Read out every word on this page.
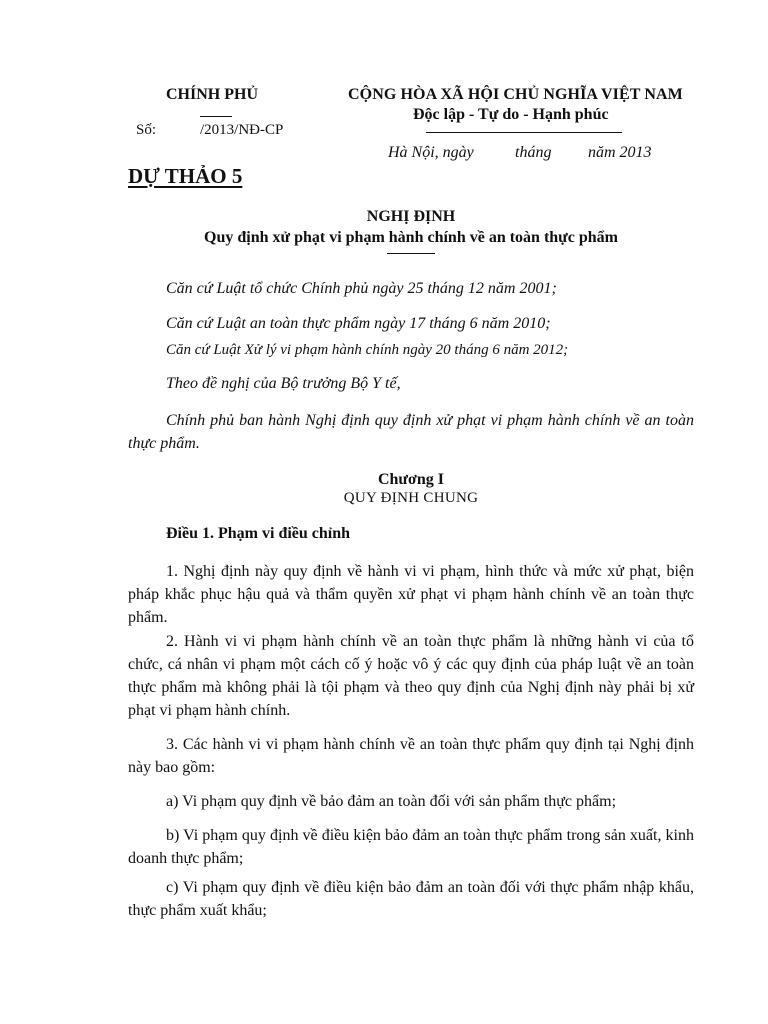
CHÍNH PHỦ
Số:	/2013/NĐ-CP
CỘNG HÒA XÃ HỘI CHỦ NGHĨA VIỆT NAM
Độc lập - Tự do - Hạnh phúc
Hà Nội, ngày	tháng năm 2013
DỰ THẢO 5
NGHỊ ĐỊNH
Quy định xử phạt vi phạm hành chính về an toàn thực phẩm
Căn cứ Luật tổ chức Chính phủ ngày 25 tháng 12 năm 2001;
Căn cứ Luật an toàn thực phẩm ngày 17 tháng 6 năm 2010;
Căn cứ Luật Xử lý vi phạm hành chính ngày 20 tháng 6 năm 2012;
Theo đề nghị của Bộ trưởng Bộ Y tế,
Chính phủ ban hành Nghị định quy định xử phạt vi phạm hành chính về an toàn thực phẩm.
Chương I
QUY ĐỊNH CHUNG
Điều 1. Phạm vi điều chỉnh
1. Nghị định này quy định về hành vi vi phạm, hình thức và mức xử phạt, biện pháp khắc phục hậu quả và thẩm quyền xử phạt vi phạm hành chính về an toàn thực phẩm.
2. Hành vi vi phạm hành chính về an toàn thực phẩm là những hành vi của tổ chức, cá nhân vi phạm một cách cố ý hoặc vô ý các quy định của pháp luật về an toàn thực phẩm mà không phải là tội phạm và theo quy định của Nghị định này phải bị xử phạt vi phạm hành chính.
3. Các hành vi vi phạm hành chính về an toàn thực phẩm quy định tại Nghị định này bao gồm:
a) Vi phạm quy định về bảo đảm an toàn đối với sản phẩm thực phẩm;
b) Vi phạm quy định về điều kiện bảo đảm an toàn thực phẩm trong sản xuất, kinh doanh thực phẩm;
c) Vi phạm quy định về điều kiện bảo đảm an toàn đối với thực phẩm nhập khẩu, thực phẩm xuất khẩu;
